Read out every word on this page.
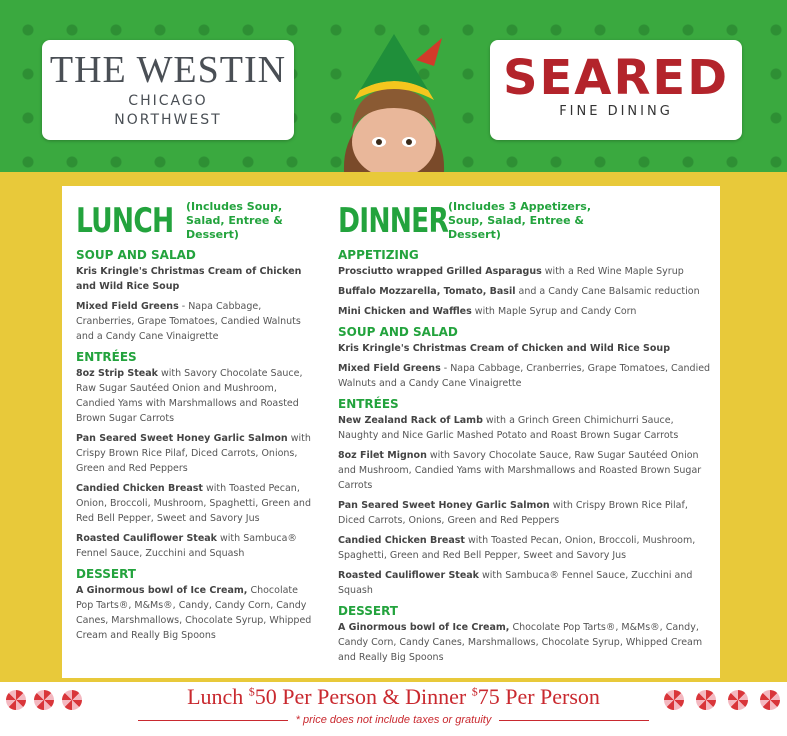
THE WESTIN
CHICAGO
NORTHWEST
SEARED
FINE DINING
LUNCH (Includes Soup, Salad, Entree & Dessert)
SOUP AND SALAD
Kris Kringle's Christmas Cream of Chicken and Wild Rice Soup
Mixed Field Greens - Napa Cabbage, Cranberries, Grape Tomatoes, Candied Walnuts and a Candy Cane Vinaigrette
ENTRÉES
8oz Strip Steak with Savory Chocolate Sauce, Raw Sugar Sautéed Onion and Mushroom, Candied Yams with Marshmallows and Roasted Brown Sugar Carrots
Pan Seared Sweet Honey Garlic Salmon with Crispy Brown Rice Pilaf, Diced Carrots, Onions, Green and Red Peppers
Candied Chicken Breast with Toasted Pecan, Onion, Broccoli, Mushroom, Spaghetti, Green and Red Bell Pepper, Sweet and Savory Jus
Roasted Cauliflower Steak with Sambuca® Fennel Sauce, Zucchini and Squash
DESSERT
A Ginormous bowl of Ice Cream, Chocolate Pop Tarts®, M&Ms®, Candy, Candy Corn, Candy Canes, Marshmallows, Chocolate Syrup, Whipped Cream and Really Big Spoons
DINNER (Includes 3 Appetizers, Soup, Salad, Entree & Dessert)
APPETIZING
Prosciutto wrapped Grilled Asparagus with a Red Wine Maple Syrup
Buffalo Mozzarella, Tomato, Basil and a Candy Cane Balsamic reduction
Mini Chicken and Waffles with Maple Syrup and Candy Corn
SOUP AND SALAD
Kris Kringle's Christmas Cream of Chicken and Wild Rice Soup
Mixed Field Greens - Napa Cabbage, Cranberries, Grape Tomatoes, Candied Walnuts and a Candy Cane Vinaigrette
ENTRÉES
New Zealand Rack of Lamb with a Grinch Green Chimichurri Sauce, Naughty and Nice Garlic Mashed Potato and Roast Brown Sugar Carrots
8oz Filet Mignon with Savory Chocolate Sauce, Raw Sugar Sautéed Onion and Mushroom, Candied Yams with Marshmallows and Roasted Brown Sugar Carrots
Pan Seared Sweet Honey Garlic Salmon with Crispy Brown Rice Pilaf, Diced Carrots, Onions, Green and Red Peppers
Candied Chicken Breast with Toasted Pecan, Onion, Broccoli, Mushroom, Spaghetti, Green and Red Bell Pepper, Sweet and Savory Jus
Roasted Cauliflower Steak with Sambuca® Fennel Sauce, Zucchini and Squash
DESSERT
A Ginormous bowl of Ice Cream, Chocolate Pop Tarts®, M&Ms®, Candy, Candy Corn, Candy Canes, Marshmallows, Chocolate Syrup, Whipped Cream and Really Big Spoons
Lunch $50 Per Person & Dinner $75 Per Person
* price does not include taxes or gratuity
